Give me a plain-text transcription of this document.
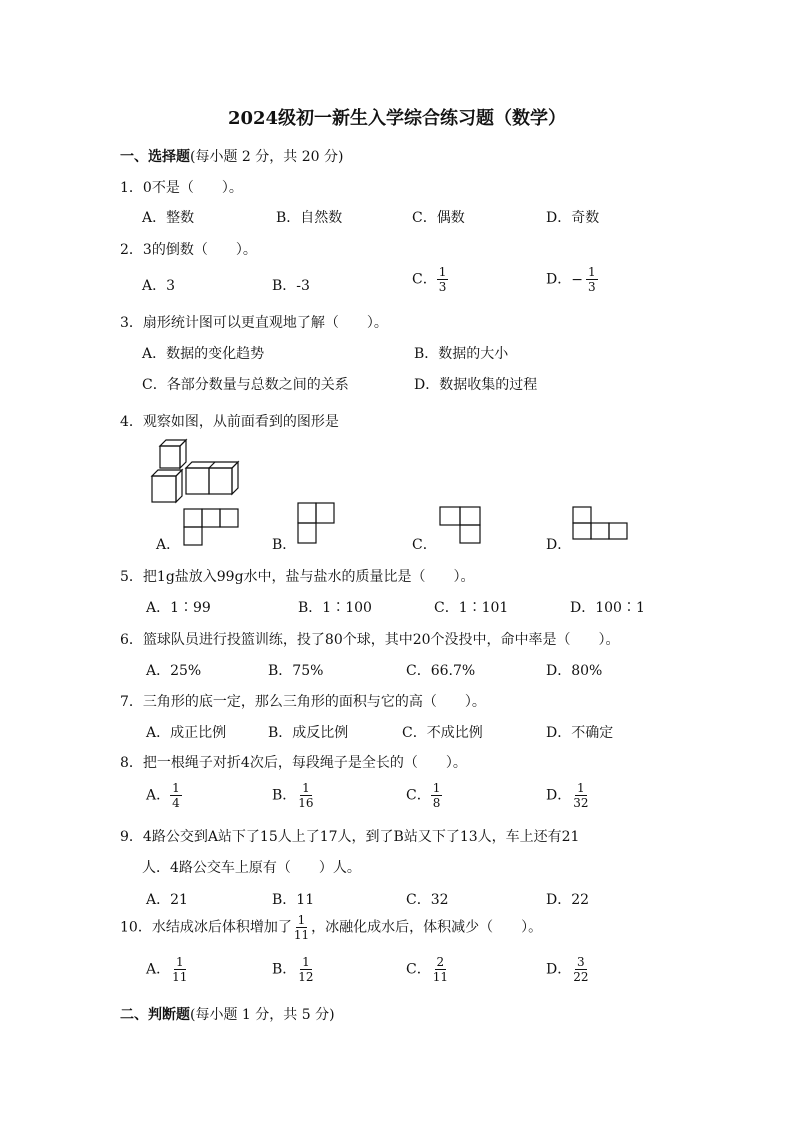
2024级初一新生入学综合练习题（数学）
一、选择题(每小题 2 分，共 20 分)
1．0不是（　　）。
A．整数	B．自然数	C．偶数	D．奇数
2．3的倒数（　　）。
A．3	B．-3	C． $\frac{1}{3}$	D．− $\frac{1}{3}$
3．扇形统计图可以更直观地了解（　　）。
A．数据的变化趋势	B．数据的大小
C．各部分数量与总数之间的关系	D．数据收集的过程
4．观察如图，从前面看到的图形是
A．	B．	C．	D．
5．把1g盐放入99g水中，盐与盐水的质量比是（　　）。
A．1∶99	B．1∶100	C．1∶101	D．100∶1
6．篮球队员进行投篮训练，投了80个球，其中20个没投中，命中率是（　　）。
A．25%	B．75%	C．66.7%	D．80%
7．三角形的底一定，那么三角形的面积与它的高（　　）。
A．成正比例	B．成反比例	C．不成比例	D．不确定
8．把一根绳子对折4次后，每段绳子是全长的（　　）。
A． $\frac{1}{4}$	B． $\frac{1}{16}$	C． $\frac{1}{8}$	D． $\frac{1}{32}$
9．4路公交到A站下了15人上了17人，到了B站又下了13人，车上还有21
人．4路公交车上原有（　　）人。
A．21	B．11	C．32	D．22
10．水结成冰后体积增加了 $\frac{1}{11}$ ，冰融化成水后，体积减少（　　）。
A． $\frac{1}{11}$	B． $\frac{1}{12}$	C． $\frac{2}{11}$	D． $\frac{3}{22}$
二、判断题(每小题 1 分，共 5 分)
